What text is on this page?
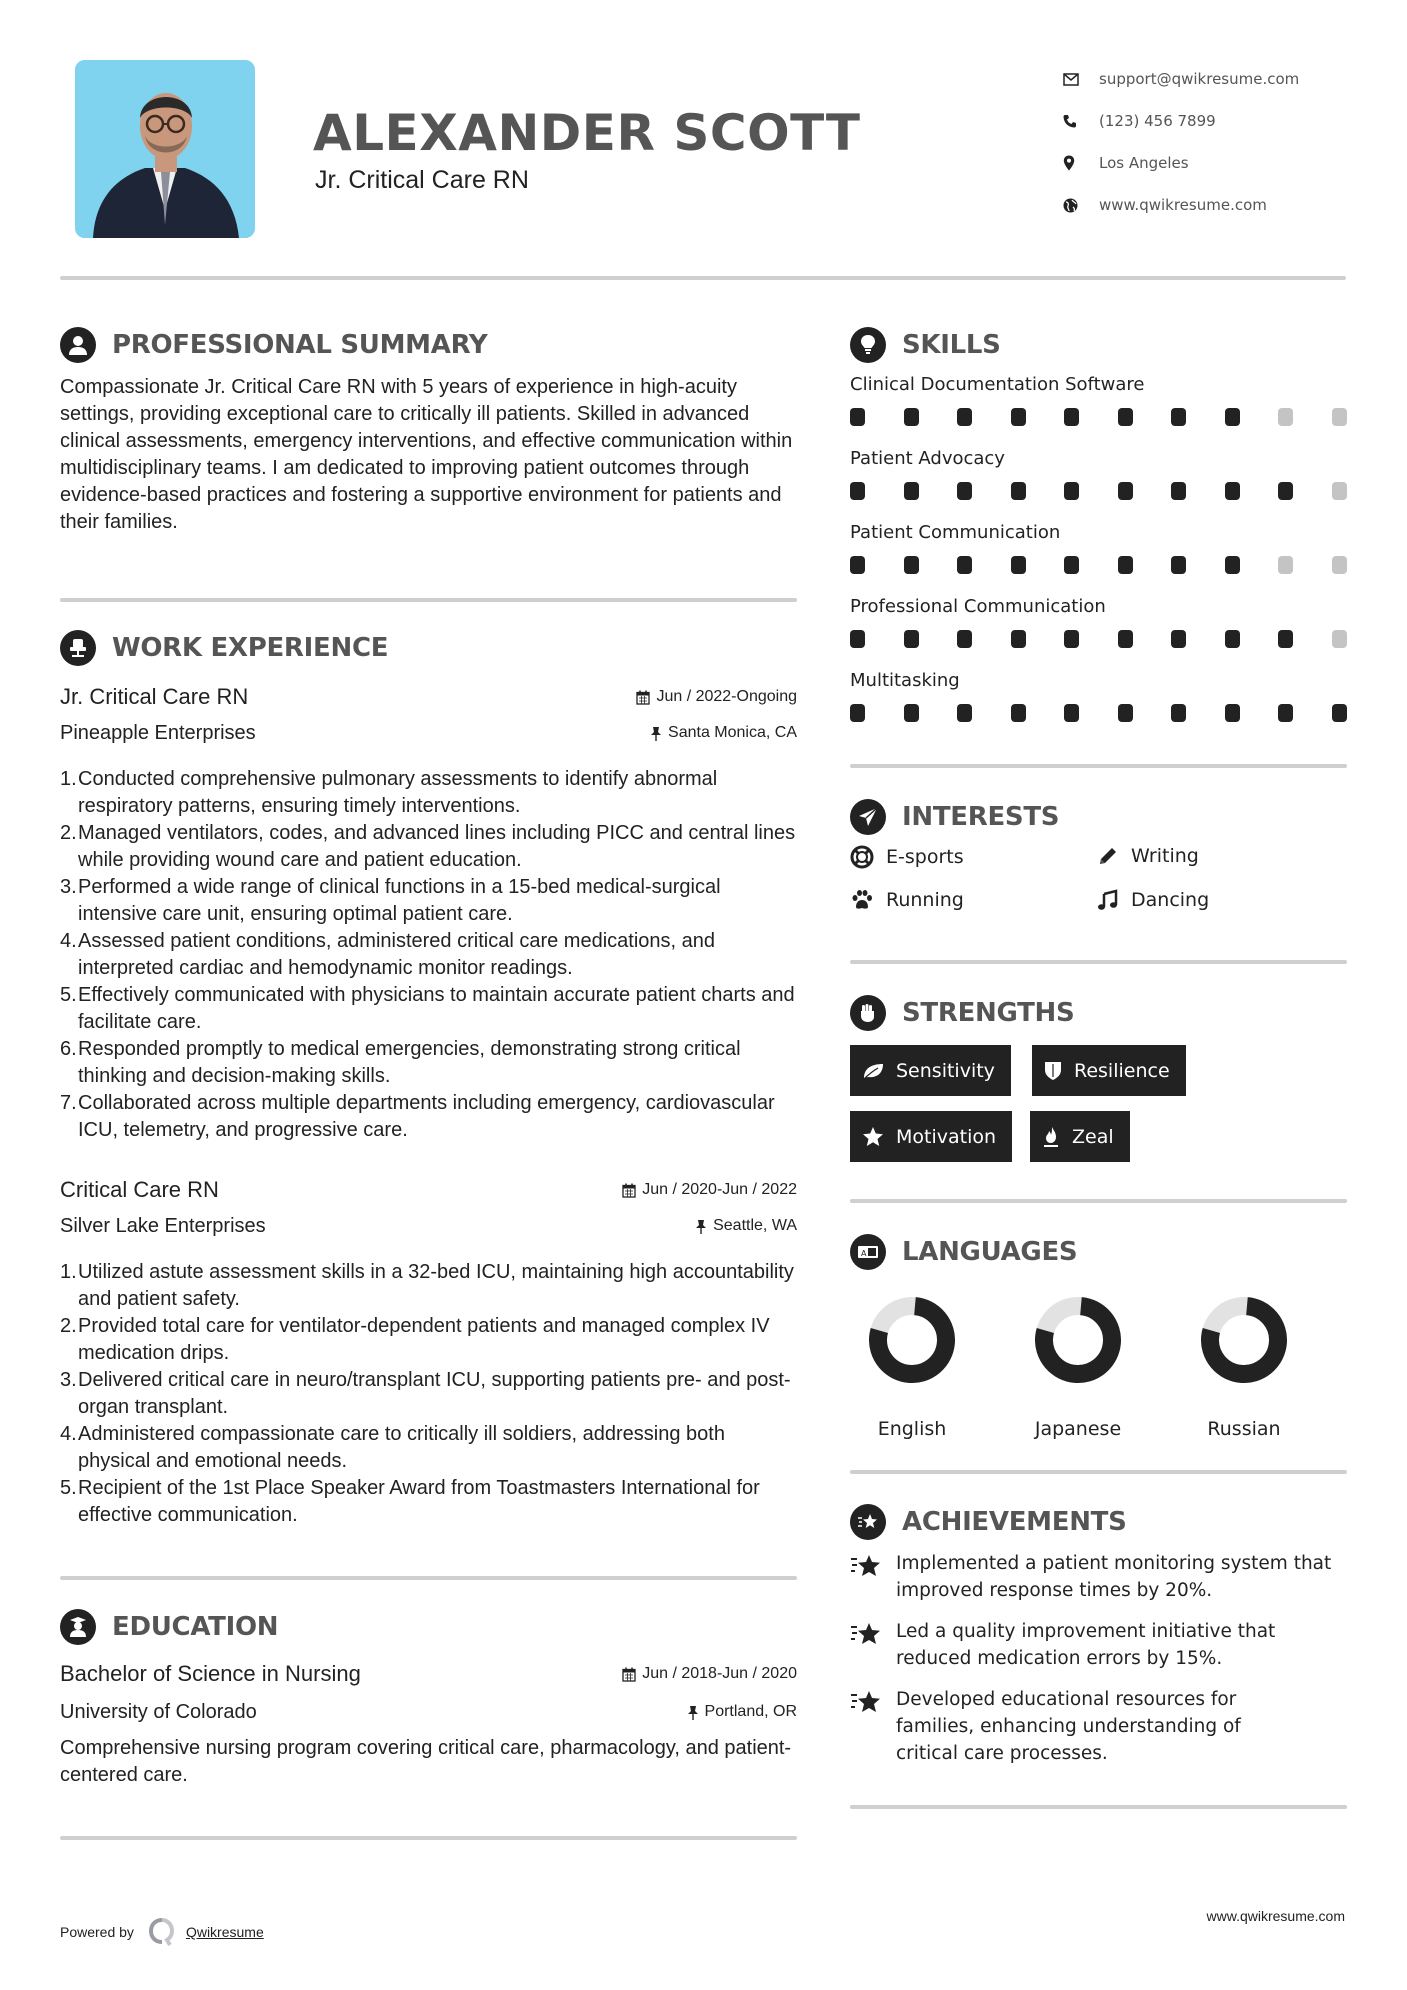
ALEXANDER SCOTT
Jr. Critical Care RN
support@qwikresume.com
(123) 456 7899
Los Angeles
www.qwikresume.com
PROFESSIONAL SUMMARY
Compassionate Jr. Critical Care RN with 5 years of experience in high-acuity settings, providing exceptional care to critically ill patients. Skilled in advanced clinical assessments, emergency interventions, and effective communication within multidisciplinary teams. I am dedicated to improving patient outcomes through evidence-based practices and fostering a supportive environment for patients and their families.
WORK EXPERIENCE
Jr. Critical Care RN	Jun / 2022-Ongoing
Pineapple Enterprises	Santa Monica, CA
1. Conducted comprehensive pulmonary assessments to identify abnormal respiratory patterns, ensuring timely interventions.
2. Managed ventilators, codes, and advanced lines including PICC and central lines while providing wound care and patient education.
3. Performed a wide range of clinical functions in a 15-bed medical-surgical intensive care unit, ensuring optimal patient care.
4. Assessed patient conditions, administered critical care medications, and interpreted cardiac and hemodynamic monitor readings.
5. Effectively communicated with physicians to maintain accurate patient charts and facilitate care.
6. Responded promptly to medical emergencies, demonstrating strong critical thinking and decision-making skills.
7. Collaborated across multiple departments including emergency, cardiovascular ICU, telemetry, and progressive care.
Critical Care RN	Jun / 2020-Jun / 2022
Silver Lake Enterprises	Seattle, WA
1. Utilized astute assessment skills in a 32-bed ICU, maintaining high accountability and patient safety.
2. Provided total care for ventilator-dependent patients and managed complex IV medication drips.
3. Delivered critical care in neuro/transplant ICU, supporting patients pre- and post-organ transplant.
4. Administered compassionate care to critically ill soldiers, addressing both physical and emotional needs.
5. Recipient of the 1st Place Speaker Award from Toastmasters International for effective communication.
EDUCATION
Bachelor of Science in Nursing	Jun / 2018-Jun / 2020
University of Colorado	Portland, OR
Comprehensive nursing program covering critical care, pharmacology, and patient-centered care.
SKILLS
Clinical Documentation Software
Patient Advocacy
Patient Communication
Professional Communication
Multitasking
INTERESTS
E-sports	Writing
Running	Dancing
STRENGTHS
Sensitivity	Resilience
Motivation	Zeal
A LANGUAGES
English	Japanese	Russian
ACHIEVEMENTS
Implemented a patient monitoring system that improved response times by 20%.
Led a quality improvement initiative that reduced medication errors by 15%.
Developed educational resources for families, enhancing understanding of critical care processes.
Powered by	Qwikresume
www.qwikresume.com
